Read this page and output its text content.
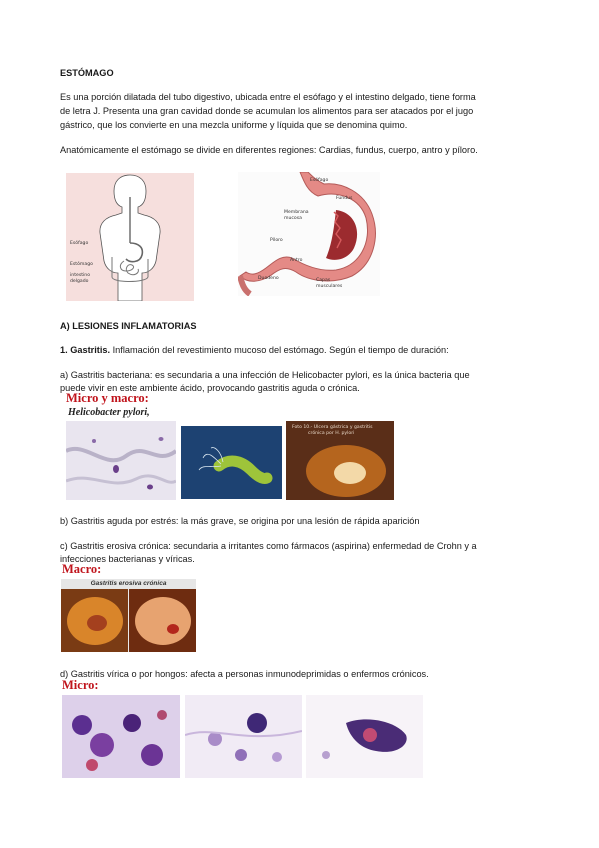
ESTÓMAGO

Es una porción dilatada del tubo digestivo, ubicada entre el esófago y el intestino delgado, tiene forma

de letra J. Presenta una gran cavidad donde se acumulan los alimentos para ser atacados por el jugo

gástrico, que los convierte en una mezcla uniforme y líquida que se denomina quimo.

Anatómicamente el estómago se divide en diferentes regiones: Cardias, fundus, cuerpo, antro y píloro.

Esófago
Estómago
intestino
delgado
Esófago
Fundus
Membrana
mucosa
Píloro
Antro
Duodeno	Capas
musculares

A) LESIONES INFLAMATORIAS

1. Gastritis. Inflamación del revestimiento mucoso del estómago. Según el tiempo de duración:

a) Gastritis bacteriana: es secundaria a una infección de Helicobacter pylori, es la única bacteria que

puede vivir en este ambiente ácido, provocando gastritis aguda o crónica.

Micro y macro:
Helicobacter pylori,
Foto 10.- Ulcera gástrica y gastritis
crónica por H. pylori

b) Gastritis aguda por estrés: la más grave, se origina por una lesión de rápida aparición

c) Gastritis erosiva crónica: secundaria a irritantes como fármacos (aspirina) enfermedad de Crohn y a

infecciones bacterianas y víricas.

Macro:
Gastritis erosiva crónica

d) Gastritis vírica o por hongos: afecta a personas inmunodeprimidas o enfermos crónicos.

Micro:
